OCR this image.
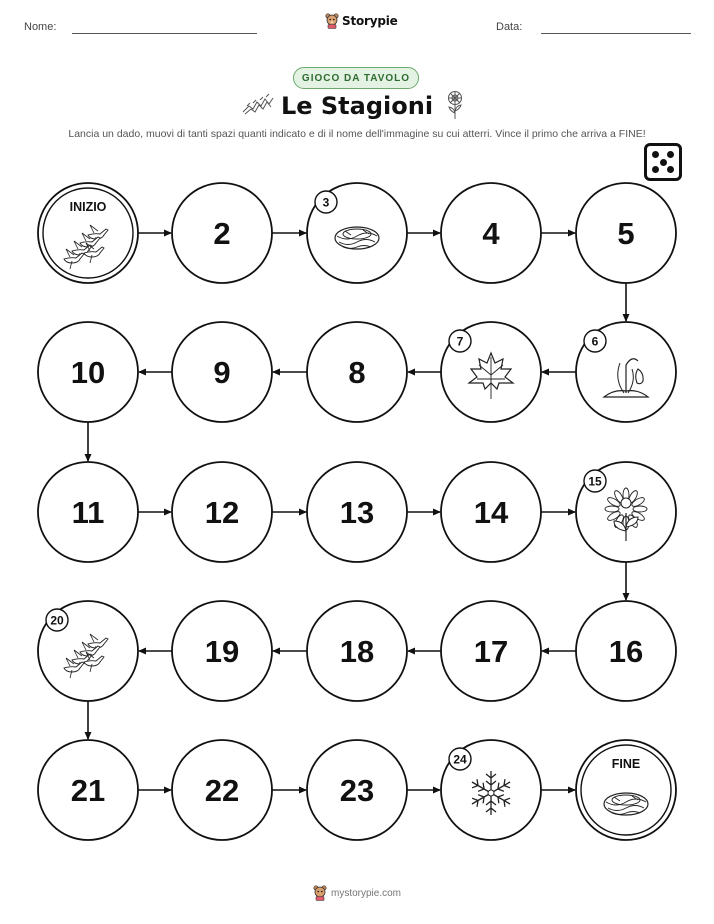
Nome:	Storypie	Data:
GIOCO DA TAVOLO
Le Stagioni
Lancia un dado, muovi di tanti spazi quanti indicato e di il nome dell'immagine su cui atterri. Vince il primo che arriva a FINE!
INIZIO
2
3
4	5
6
7
8
9
10
11	12	13	14
15
16
17
18
19
20
21	22	23
24	FINE
mystorypie.com
